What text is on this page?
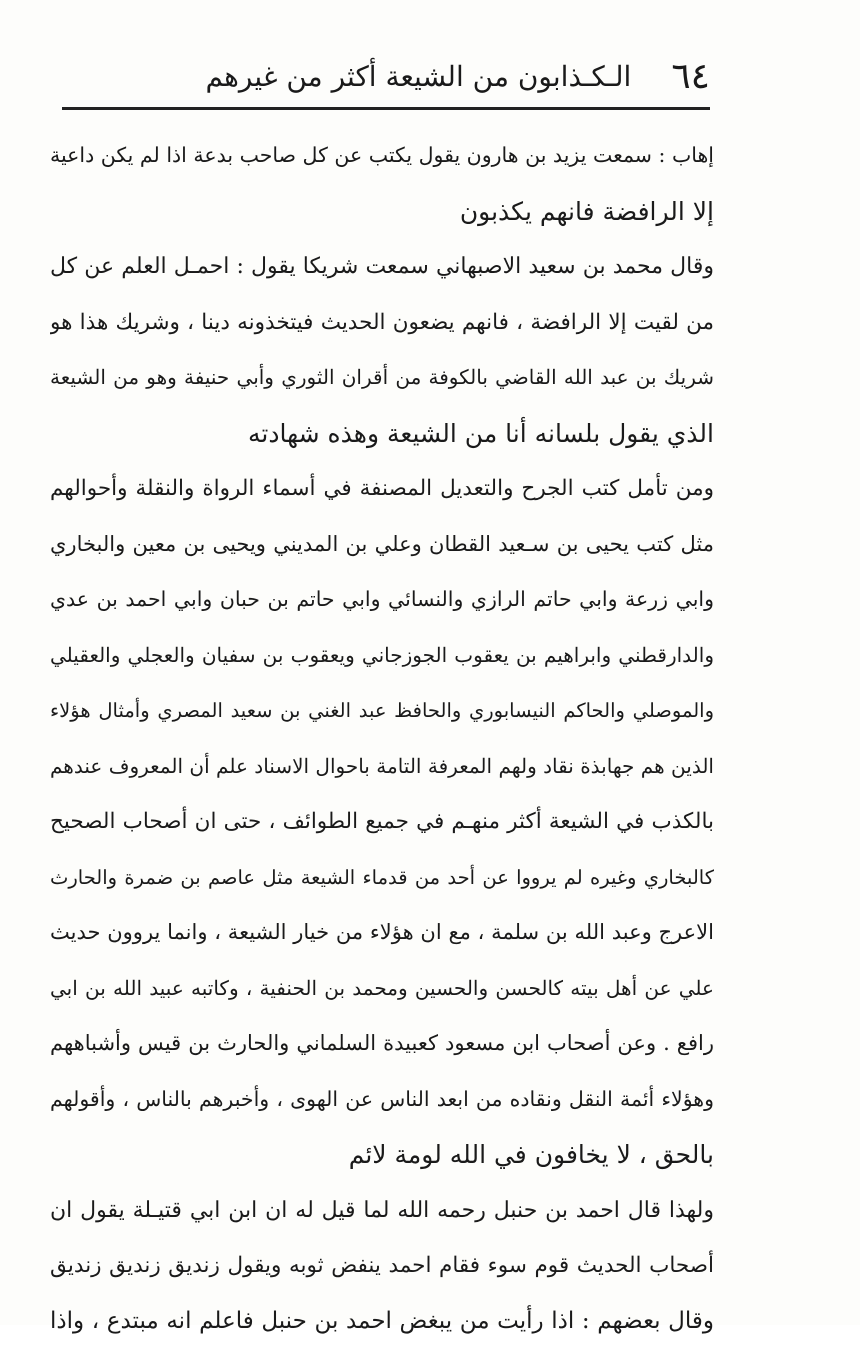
٦٤
الـكـذابون من الشيعة أكثر من غيرهم
إهاب : سمعت يزيد بن هارون يقول يكتب عن كل صاحب بدعة اذا لم يكن داعية
إلا الرافضة فانهم يكذبون
وقال محمد بن سعيد الاصبهاني سمعت شريكا يقول : احمـل العلم عن كل
من لقيت إلا الرافضة ، فانهم يضعون الحديث فيتخذونه دينا ، وشريك هذا هو
شريك بن عبد الله القاضي بالكوفة من أقران الثوري وأبي حنيفة وهو من الشيعة
الذي يقول بلسانه أنا من الشيعة وهذه شهادته
ومن تأمل كتب الجرح والتعديل المصنفة في أسماء الرواة والنقلة وأحوالهم
مثل كتب يحيى بن سـعيد القطان وعلي بن المديني ويحيى بن معين والبخاري
وابي زرعة وابي حاتم الرازي والنسائي وابي حاتم بن حبان وابي احمد بن عدي
والدارقطني وابراهيم بن يعقوب الجوزجاني ويعقوب بن سفيان والعجلي والعقيلي
والموصلي والحاكم النيسابوري والحافظ عبد الغني بن سعيد المصري وأمثال هؤلاء
الذين هم جهابذة نقاد ولهم المعرفة التامة باحوال الاسناد علم أن المعروف عندهم
بالكذب في الشيعة أكثر منهـم في جميع الطوائف ، حتى ان أصحاب الصحيح
كالبخاري وغيره لم يرووا عن أحد من قدماء الشيعة مثل عاصم بن ضمرة والحارث
الاعرج وعبد الله بن سلمة ، مع ان هؤلاء من خيار الشيعة ، وانما يروون حديث
علي عن أهل بيته كالحسن والحسين ومحمد بن الحنفية ، وكاتبه عبيد الله بن ابي
رافع . وعن أصحاب ابن مسعود كعبيدة السلماني والحارث بن قيس وأشباههم
وهؤلاء أئمة النقل ونقاده من ابعد الناس عن الهوى ، وأخبرهم بالناس ، وأقولهم
بالحق ، لا يخافون في الله لومة لائم
ولهذا قال احمد بن حنبل رحمه الله لما قيل له ان ابن ابي قتيـلة يقول ان
أصحاب الحديث قوم سوء فقام احمد ينفض ثوبه ويقول زنديق زنديق زنديق
وقال بعضهم : اذا رأيت من يبغض احمد بن حنبل فاعلم انه مبتدع ، واذا
